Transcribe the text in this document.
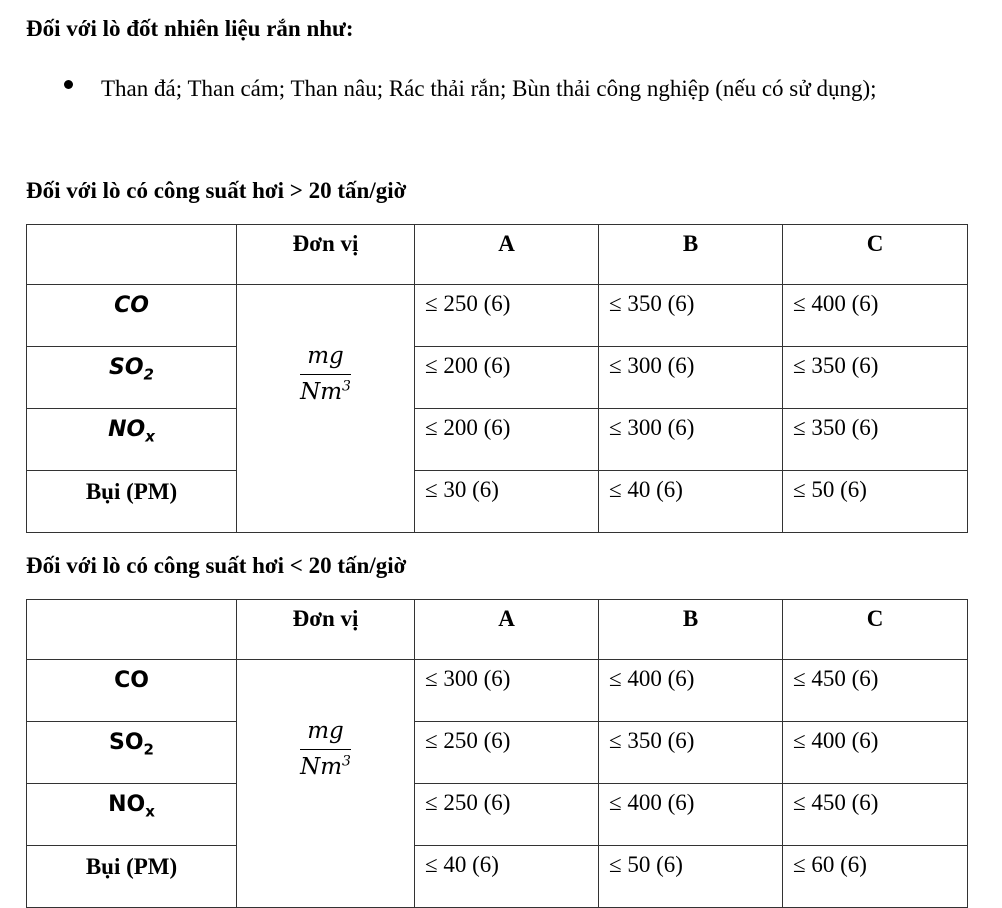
Đối với lò đốt nhiên liệu rắn như:
Than đá; Than cám; Than nâu; Rác thải rắn; Bùn thải công nghiệp (nếu có sử dụng);
Đối với lò có công suất hơi > 20 tấn/giờ
	Đơn vị	A	B	C
CO	$\frac{mg}{Nm^3}$	≤ 250 (6)	≤ 350 (6)	≤ 400 (6)
$SO_2$		≤ 200 (6)	≤ 300 (6)	≤ 350 (6)
$NO_x$		≤ 200 (6)	≤ 300 (6)	≤ 350 (6)
Bụi (PM)		≤ 30 (6)	≤ 40 (6)	≤ 50 (6)
Đối với lò có công suất hơi < 20 tấn/giờ
	Đơn vị	A	B	C
CO	$\frac{mg}{Nm^3}$	≤ 300 (6)	≤ 400 (6)	≤ 450 (6)
$SO_2$		≤ 250 (6)	≤ 350 (6)	≤ 400 (6)
$NO_x$		≤ 250 (6)	≤ 400 (6)	≤ 450 (6)
Bụi (PM)		≤ 40 (6)	≤ 50 (6)	≤ 60 (6)
